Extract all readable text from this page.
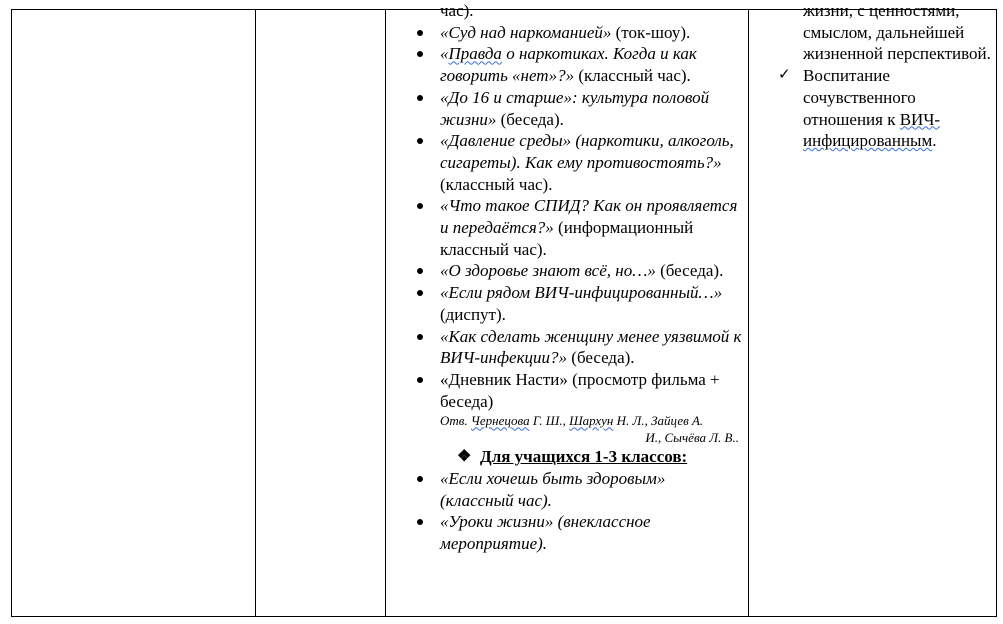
час).
«Суд над наркоманией» (ток-шоу).
«Правда о наркотиках. Когда и как говорить «нет»?» (классный час).
«До 16 и старше»: культура половой жизни» (беседа).
«Давление среды» (наркотики, алкоголь, сигареты). Как ему противостоять?» (классный час).
«Что такое СПИД? Как он проявляется и передаётся?» (информационный классный час).
«О здоровье знают всё, но…» (беседа).
«Если рядом ВИЧ-инфицированный…» (диспут).
«Как сделать женщину менее уязвимой к ВИЧ-инфекции?» (беседа).
«Дневник Насти» (просмотр фильма + беседа)
Отв. Чернецова Г. Ш., Шархун Н. Л., Зайцев А.
И., Сычёва Л. В..
❖ Для учащихся 1-3 классов:
«Если хочешь быть здоровым» (классный час).
«Уроки жизни» (внеклассное мероприятие).
жизни, с ценностями, смыслом, дальнейшей жизненной перспективой.
✓ Воспитание сочувственного отношения к ВИЧ-инфицированным.
